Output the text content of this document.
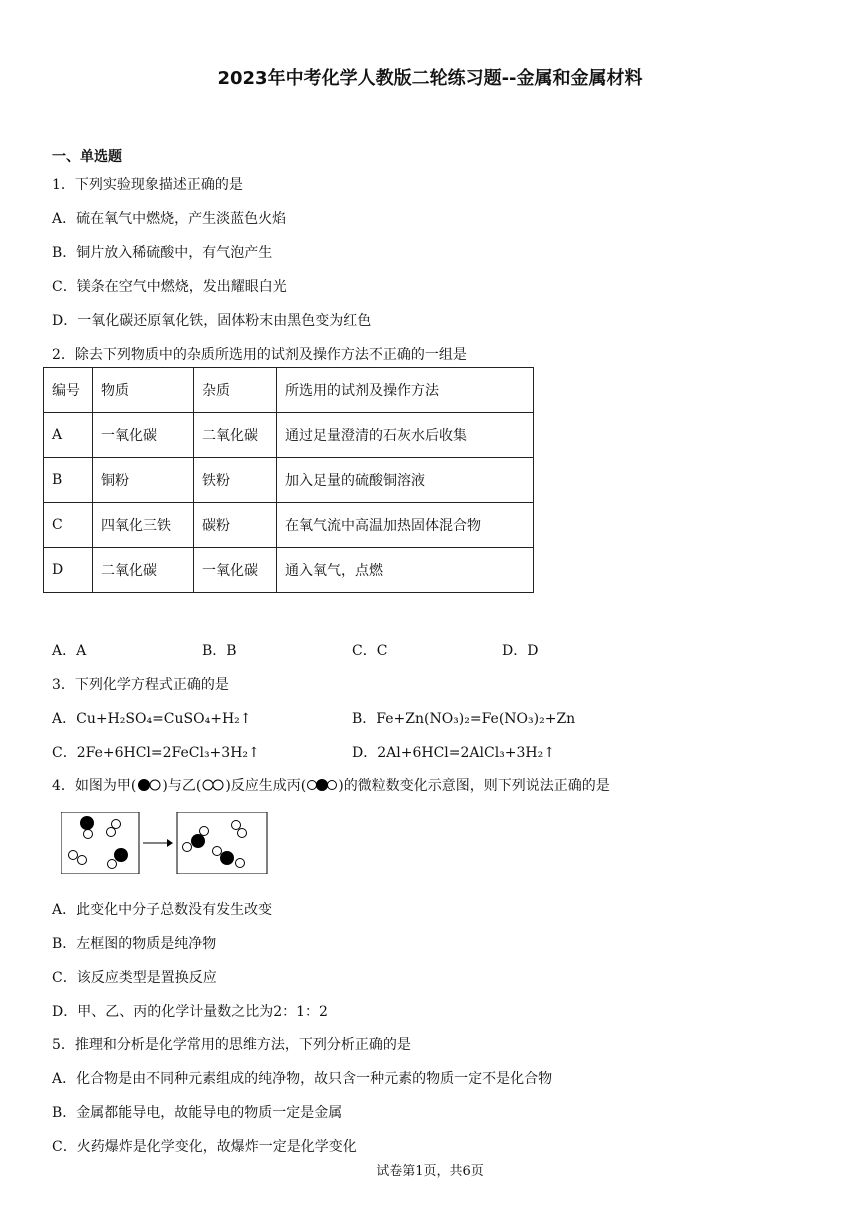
2023年中考化学人教版二轮练习题--金属和金属材料
一、单选题
1．下列实验现象描述正确的是
A．硫在氧气中燃烧，产生淡蓝色火焰
B．铜片放入稀硫酸中，有气泡产生
C．镁条在空气中燃烧，发出耀眼白光
D．一氧化碳还原氧化铁，固体粉末由黑色变为红色
2．除去下列物质中的杂质所选用的试剂及操作方法不正确的一组是
编号	物质	杂质	所选用的试剂及操作方法
A	一氧化碳	二氧化碳	通过足量澄清的石灰水后收集
B	铜粉	铁粉	加入足量的硫酸铜溶液
C	四氧化三铁	碳粉	在氧气流中高温加热固体混合物
D	二氧化碳	一氧化碳	通入氧气，点燃
A．A	B．B	C．C	D．D
3．下列化学方程式正确的是
A．Cu+H₂SO₄=CuSO₄+H₂↑	B．Fe+Zn(NO₃)₂=Fe(NO₃)₂+Zn
C．2Fe+6HCl=2FeCl₃+3H₂↑	D．2Al+6HCl=2AlCl₃+3H₂↑
4．如图为甲( )与乙( )反应生成丙( )的微粒数变化示意图，则下列说法正确的是
A．此变化中分子总数没有发生改变
B．左框图的物质是纯净物
C．该反应类型是置换反应
D．甲、乙、丙的化学计量数之比为2：1：2
5．推理和分析是化学常用的思维方法，下列分析正确的是
A．化合物是由不同种元素组成的纯净物，故只含一种元素的物质一定不是化合物
B．金属都能导电，故能导电的物质一定是金属
C．火药爆炸是化学变化，故爆炸一定是化学变化
试卷第1页，共6页
